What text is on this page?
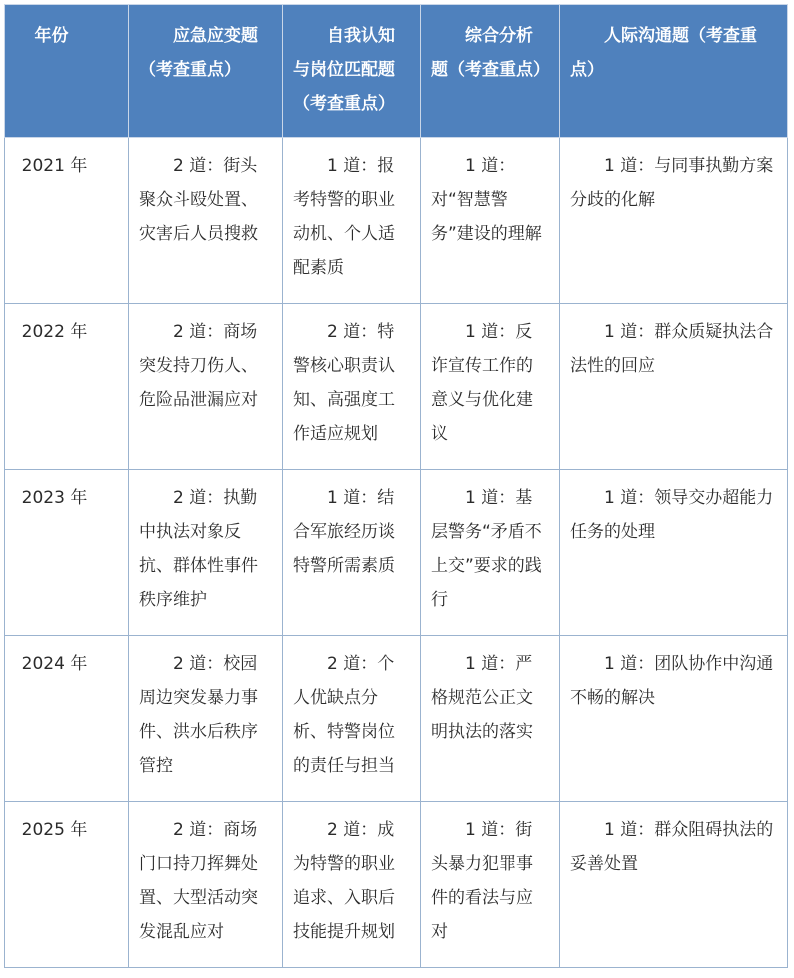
年份	应急应变题（考查重点）	自我认知与岗位匹配题（考查重点）	综合分析题（考查重点）	人际沟通题（考查重点）

2021 年	2 道：街头聚众斗殴处置、灾害后人员搜救	1 道：报考特警的职业动机、个人适配素质	1 道：对“智慧警务”建设的理解	1 道：与同事执勤方案分歧的化解

2022 年	2 道：商场突发持刀伤人、危险品泄漏应对	2 道：特警核心职责认知、高强度工作适应规划	1 道：反诈宣传工作的意义与优化建议	1 道：群众质疑执法合法性的回应

2023 年	2 道：执勤中执法对象反抗、群体性事件秩序维护	1 道：结合军旅经历谈特警所需素质	1 道：基层警务“矛盾不上交”要求的践行	1 道：领导交办超能力任务的处理

2024 年	2 道：校园周边突发暴力事件、洪水后秩序管控	2 道：个人优缺点分析、特警岗位的责任与担当	1 道：严格规范公正文明执法的落实	1 道：团队协作中沟通不畅的解决

2025 年	2 道：商场门口持刀挥舞处置、大型活动突发混乱应对	2 道：成为特警的职业追求、入职后技能提升规划	1 道：街头暴力犯罪事件的看法与应对	1 道：群众阻碍执法的妥善处置
